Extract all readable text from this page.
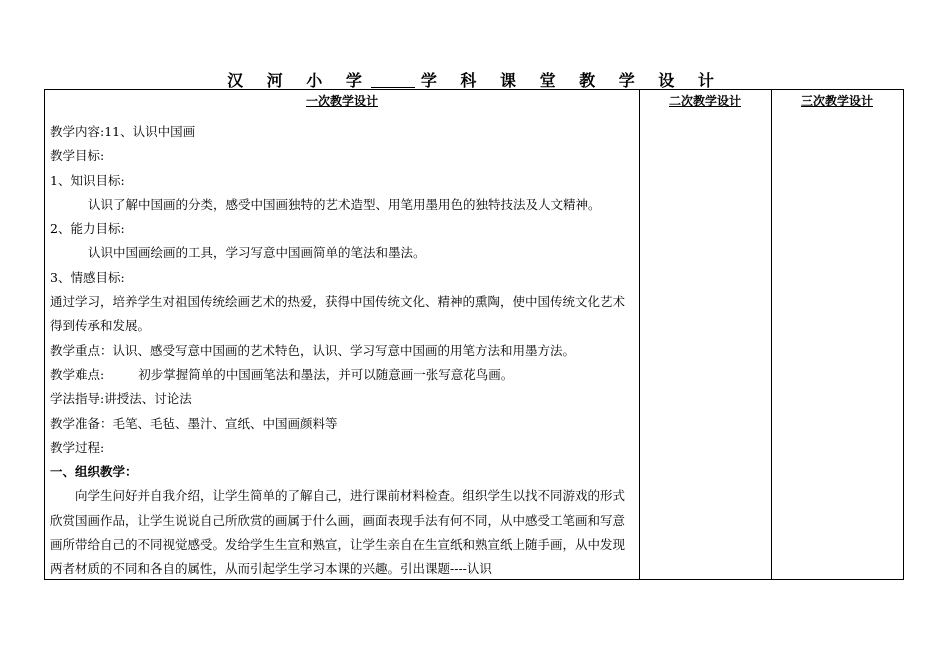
汉 河 小 学	学 科 课 堂 教 学 设 计
一次教学设计	二次教学设计	三次教学设计

教学内容:11、认识中国画

教学目标:

1、知识目标:

认识了解中国画的分类，感受中国画独特的艺术造型、用笔用墨用色的独特技法及人文精神。

2、能力目标:

认识中国画绘画的工具，学习写意中国画简单的笔法和墨法。

3、情感目标:

通过学习，培养学生对祖国传统绘画艺术的热爱，获得中国传统文化、精神的熏陶，使中国传统文化艺术得到传承和发展。

教学重点：认识、感受写意中国画的艺术特色，认识、学习写意中国画的用笔方法和用墨方法。

教学难点:	初步掌握简单的中国画笔法和墨法，并可以随意画一张写意花鸟画。

学法指导:讲授法、讨论法

教学准备：毛笔、毛毡、墨汁、宣纸、中国画颜料等

教学过程:

一、组织教学：

向学生问好并自我介绍，让学生简单的了解自己，进行课前材料检查。组织学生以找不同游戏的形式欣赏国画作品，让学生说说自己所欣赏的画属于什么画，画面表现手法有何不同，从中感受工笔画和写意画所带给自己的不同视觉感受。发给学生生宣和熟宣，让学生亲自在生宣纸和熟宣纸上随手画，从中发现两者材质的不同和各自的属性，从而引起学生学习本课的兴趣。引出课题----认识
